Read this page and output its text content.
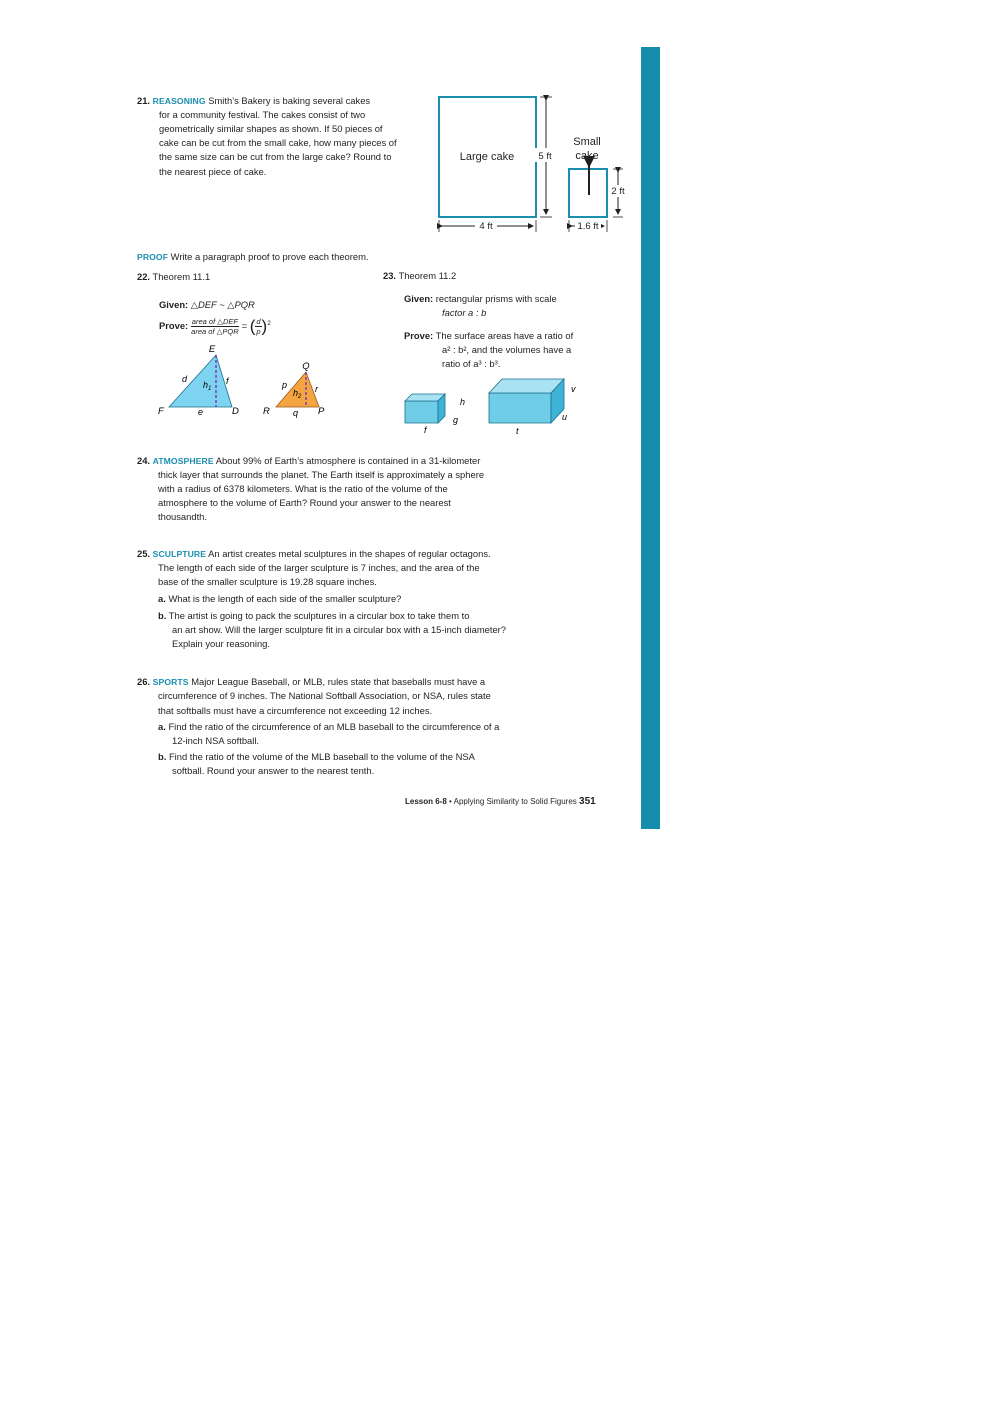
21. REASONING Smith’s Bakery is baking several cakes
for a community festival. The cakes consist of two
geometrically similar shapes as shown. If 50 pieces of
cake can be cut from the small cake, how many pieces of
the same size can be cut from the large cake? Round to
the nearest piece of cake.
Large cake	5 ft
4 ft
Small
cake
2 ft
1.6 ft
PROOF Write a paragraph proof to prove each theorem.
22. Theorem 11.1
Given: △DEF ~ △PQR
Prove: $\frac{\text{area of △DEF}}{\text{area of △PQR}}$ = ( $\frac{d}{p} )^2$
E
F	D
d
e
f
$h_1$
Q
R	P
p
q
r
$h_2$
23. Theorem 11.2
Given: rectangular prisms with scale
factor a : b
Prove: The surface areas have a ratio of
a² : b², and the volumes have a
ratio of a³ : b³.
h
g
f
v
u
t
24. ATMOSPHERE About 99% of Earth’s atmosphere is contained in a 31-kilometer
thick layer that surrounds the planet. The Earth itself is approximately a sphere
with a radius of 6378 kilometers. What is the ratio of the volume of the
atmosphere to the volume of Earth? Round your answer to the nearest
thousandth.
25. SCULPTURE An artist creates metal sculptures in the shapes of regular octagons.
The length of each side of the larger sculpture is 7 inches, and the area of the
base of the smaller sculpture is 19.28 square inches.
a. What is the length of each side of the smaller sculpture?
b. The artist is going to pack the sculptures in a circular box to take them to
an art show. Will the larger sculpture fit in a circular box with a 15-inch diameter?
Explain your reasoning.
26. SPORTS Major League Baseball, or MLB, rules state that baseballs must have a
circumference of 9 inches. The National Softball Association, or NSA, rules state
that softballs must have a circumference not exceeding 12 inches.
a. Find the ratio of the circumference of an MLB baseball to the circumference of a
12-inch NSA softball.
b. Find the ratio of the volume of the MLB baseball to the volume of the NSA
softball. Round your answer to the nearest tenth.
Lesson 6-8 • Applying Similarity to Solid Figures 351
